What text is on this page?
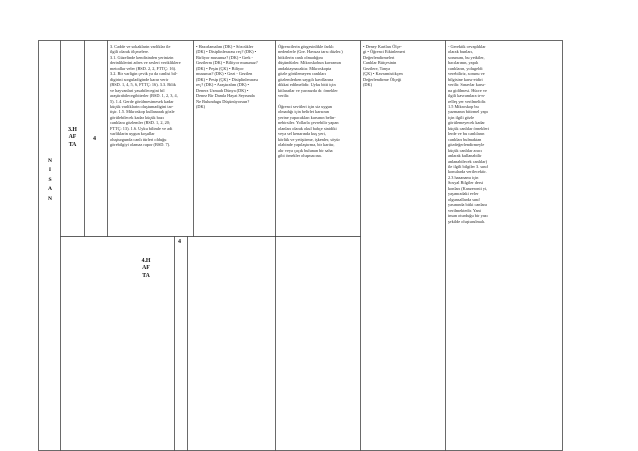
N
I
S
A
N
3.H
AF
TA
4
4.H
AF
TA
4
3. Cadde ve sokaklarin varliklar ile
ilgili olarak ölçmelere.
3.1. Güzelinde kendisinden yerinizin
derinliklerini adres ve sesleri verikliklere
metodlar veler (BSD. 2, 2, FTTÇ: 16).
3.2. Bir varligin çevik ya da canlisi bil-
digirini sorguladiginde karar verir
(BSD. 1, 4, 5, 6, FTTÇ: 16). 3.3. Bilik
ve hayvanlari yasabilecegini bil
araştirabilecegibiterler (BSD. 1, 2, 3, 4,
5). 1.4. Gerde görülmesimesek kadar
küçük varliklarin oluştumadigini tar-
tişir. 1.5. Mikroskop kullanarak gözle
görülebilecek kadar küçük bazı
canlılara gözlemler (BSD. 1, 2, 20;
FTTÇ: 13). 1.6. Uyku bilimle ve adi
varliklarin uygun koşullar
oluşturgunda canlı türleri olduğu
görebilgiyi olamaz rapor (BSD. 7).
• Hazırlamalım (DK) • Sözcükler
(DK) • Disiplinlerarası reç? (DK) •
Birliyor musunuz? (DK) • Grek -
Gezilerm (DK) • Bilityor musunuz?
(DK) • Peşin (ÇK) • Biliyor
musunuz? (DK) • Gezi - Gezilen
(DK) • Pesip (ÇK) • Disiplinlerarası
reç? (DK) • Araştıralım (DK) •
Denerz Uzmadı Dünya (DK) •
Denez Bir Damla Hayat Seyrunda
Ne Bulundugu Düşünüyorsun?
(DK)
Öğrencilerin görgesinlikle farklı
nedenlerle (Gre. Havuza tarsı düzler.)
bitkilerin canlı olmadığını
düşündürler. Mikroskobun kavramın
andaktaynacaktır. Mikroskopta
gözle görülemeyen canlıları
gözlemlerken saygılı kavdlarına
dikkat edilmelidir. Uyku bitti için
kitlaratlar ve yarınızda dr. örnekler
verilir.

Öğrenci sevitleri için siz uygun
olmadığı için belirlet karsının
yerine yapacakları karsının belin-
nebirsiler. Yollarla çevrebilir yapan
olanları olarak okul bahçe sinidiki
veya sel kenarında kuş yeri,
körlük ve yetiştirme, işkenler, söyür
olabinde yapılaştırma, bir karttır,
alır veya çaçık bulunan bir saha
gibi örnekler oluşmacına.
• Deney Kartları Ölçe-
gi • Öğrenci Etkinlemeri
Değerlendirmeleri
Canlılar Bütçesinin
Gezilere, Tanya
(ÇK) • Kavramistikçen
Değerlendirme Ölçeği
(DK)
- Gerektik cevaplıklar
olarak bunları,
sorunum, bu yetkiler,
bacılarının, yapılı
canlıların, yolugeldi
verebiliriz, sorunu ve
bilgisine karsı-etdiri
verilir. Sınavlar karsı-
na gidilmesi. Hücre ve
ilgili kavramlara tr-n-
relleş yer verilmelidir.
1.5 Mikroskop bu
yazmanın bitirmel yapı
için ilgili gözle
görülemeyecek kadar
küçük canlılar örnekleri
lerde ve bu canlıların
canlıları bulmaktan
gözdeğerlendirmeyle
küçük canlılar aracı
anlarak kullanabilir
anlanabilecek canlılar)
ile ilgili bilgiler 3. sınıf
konularda verilecektir.
2.3 hazanamı için
Sosyal Bilgiler dersi
konları (Kanzeronii yi,
yaşımızdaki evler
olgunsallarda sınıf
yasınında bitki canlara
verilmektedir. Yani
insan oturduğu bir yazı
şekilde oluşturulmalı.
